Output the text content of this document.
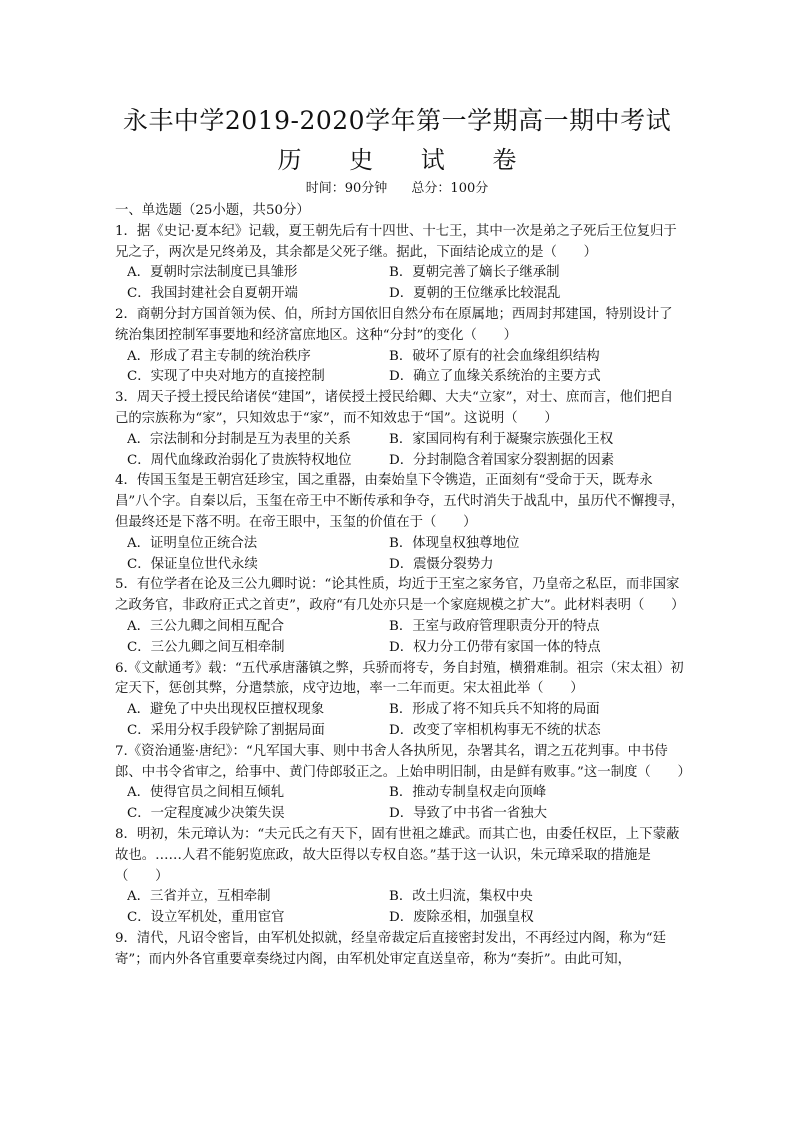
永丰中学2019-2020学年第一学期高一期中考试
历 史 试 卷
时间：90分钟 总分：100分

一、单选题（25小题，共50分）

1．据《史记·夏本纪》记载，夏王朝先后有十四世、十七王，其中一次是弟之子死后王位复归于兄之子，两次是兄终弟及，其余都是父死子继。据此，下面结论成立的是（　　）

A．夏朝时宗法制度已具雏形	B．夏朝完善了嫡长子继承制
C．我国封建社会自夏朝开端	D．夏朝的王位继承比较混乱

2．商朝分封方国首领为侯、伯，所封方国依旧自然分布在原属地；西周封邦建国，特别设计了统治集团控制军事要地和经济富庶地区。这种“分封”的变化（　　）

A．形成了君主专制的统治秩序	B．破坏了原有的社会血缘组织结构
C．实现了中央对地方的直接控制	D．确立了血缘关系统治的主要方式

3．周天子授土授民给诸侯“建国”，诸侯授土授民给卿、大夫“立家”，对士、庶而言，他们把自己的宗族称为“家”，只知效忠于“家”，而不知效忠于“国”。这说明（　　）

A．宗法制和分封制是互为表里的关系	B．家国同构有利于凝聚宗族强化王权
C．周代血缘政治弱化了贵族特权地位	D．分封制隐含着国家分裂割据的因素

4．传国玉玺是王朝宫廷珍宝，国之重器，由秦始皇下令镌造，正面刻有“受命于天，既寿永昌”八个字。自秦以后，玉玺在帝王中不断传承和争夺，五代时消失于战乱中，虽历代不懈搜寻，但最终还是下落不明。在帝王眼中，玉玺的价值在于（　　）

A．证明皇位正统合法	B．体现皇权独尊地位
C．保证皇位世代永续	D．震慑分裂势力

5．有位学者在论及三公九卿时说：“论其性质，均近于王室之家务官，乃皇帝之私臣，而非国家之政务官，非政府正式之首吏”，政府“有几处亦只是一个家庭规模之扩大”。此材料表明（　　）

A．三公九卿之间相互配合	B．王室与政府管理职责分开的特点
C．三公九卿之间互相牵制	D．权力分工仍带有家国一体的特点

6.《文献通考》载：“五代承唐藩镇之弊，兵骄而将专，务自封殖，横猾难制。祖宗（宋太祖）初定天下，惩创其弊，分遣禁旅，戍守边地，率一二年而更。宋太祖此举（　　）

A．避免了中央出现权臣擅权现象	B．形成了将不知兵兵不知将的局面
C．采用分权手段铲除了割据局面	D．改变了宰相机构事无不统的状态

7.《资治通鉴·唐纪》：“凡军国大事、则中书舍人各执所见，杂署其名，谓之五花判事。中书侍郎、中书令省审之，给事中、黄门侍郎驳正之。上始申明旧制，由是鲜有败事。”这一制度（　　）

A．使得官员之间相互倾轧	B．推动专制皇权走向顶峰
C．一定程度减少决策失误	D．导致了中书省一省独大

8．明初，朱元璋认为：“夫元氏之有天下，固有世祖之雄武。而其亡也，由委任权臣，上下蒙蔽故也。……人君不能躬览庶政，故大臣得以专权自恣。”基于这一认识，朱元璋采取的措施是（　　）

A．三省并立，互相牵制	B．改土归流，集权中央
C．设立军机处，重用宦官	D．废除丞相，加强皇权

9．清代，凡诏令密旨，由军机处拟就，经皇帝裁定后直接密封发出，不再经过内阁，称为“廷寄”；而内外各官重要章奏绕过内阁，由军机处审定直送皇帝，称为“奏折”。由此可知，
